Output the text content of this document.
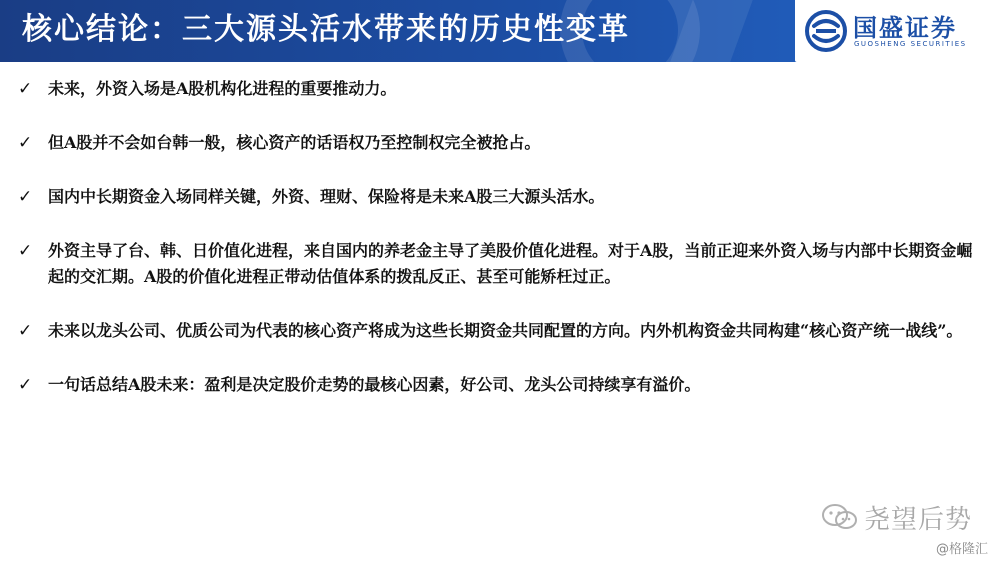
核心结论：三大源头活水带来的历史性变革	国盛证券
GUOSHENG SECURITIES
✓ 未来，外资入场是A股机构化进程的重要推动力。
✓ 但A股并不会如台韩一般，核心资产的话语权乃至控制权完全被抢占。
✓ 国内中长期资金入场同样关键，外资、理财、保险将是未来A股三大源头活水。
✓ 外资主导了台、韩、日价值化进程，来自国内的养老金主导了美股价值化进程。对于A股，当前正迎来外资入场与内部中长期资金崛起的交汇期。A股的价值化进程正带动估值体系的拨乱反正、甚至可能矫枉过正。
✓ 未来以龙头公司、优质公司为代表的核心资产将成为这些长期资金共同配置的方向。内外机构资金共同构建“核心资产统一战线”。
✓ 一句话总结A股未来：盈利是决定股价走势的最核心因素，好公司、龙头公司持续享有溢价。
尧望后势
@格隆汇
